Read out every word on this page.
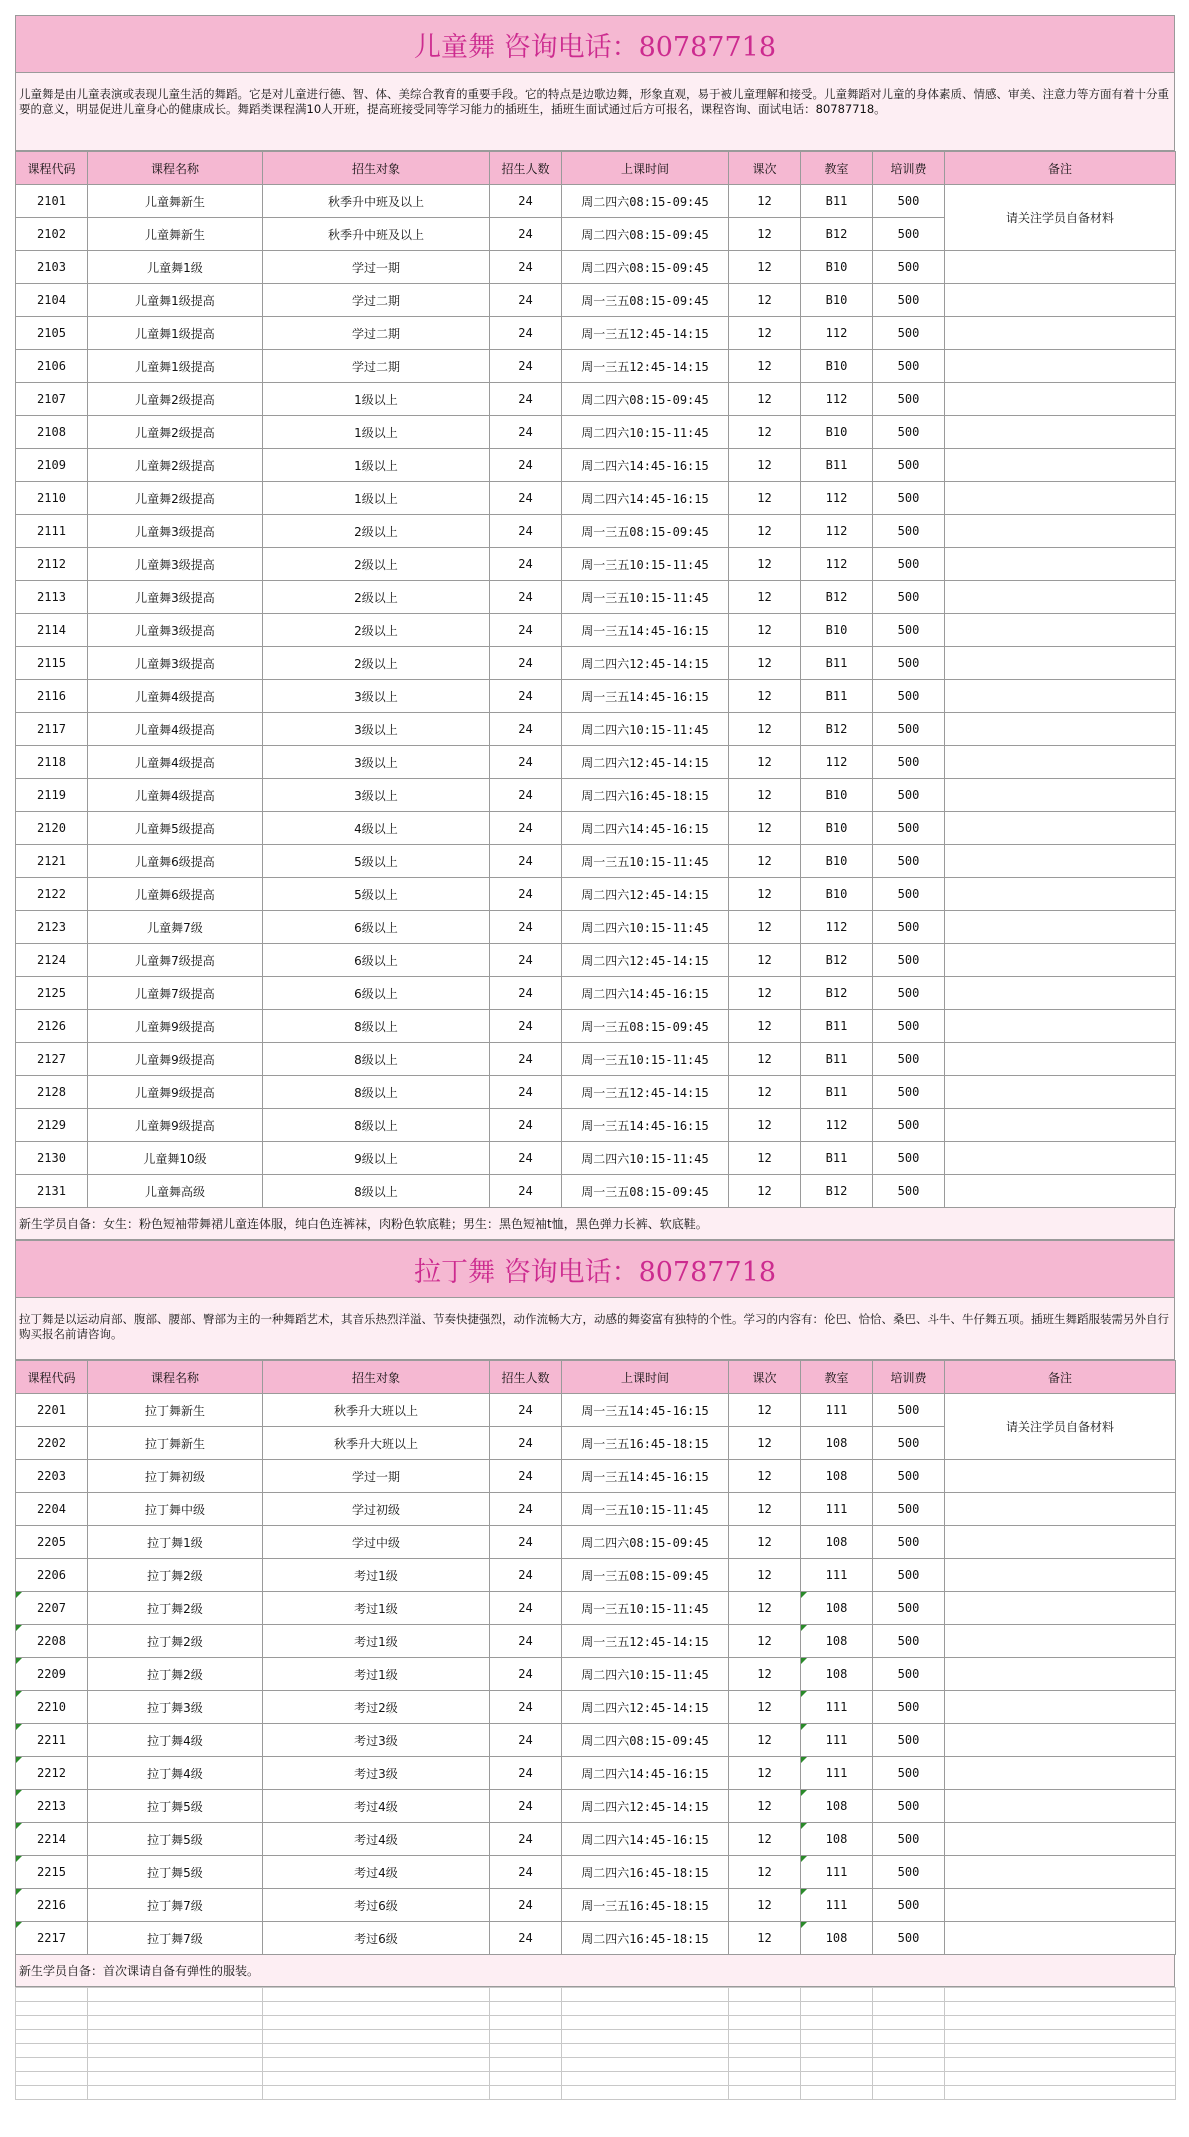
儿童舞 咨询电话：80787718
儿童舞是由儿童表演或表现儿童生活的舞蹈。它是对儿童进行德、智、体、美综合教育的重要手段。它的特点是边歌边舞，形象直观，易于被儿童理解和接受。儿童舞蹈对儿童的身体素质、情感、审美、注意力等方面有着十分重要的意义，明显促进儿童身心的健康成长。舞蹈类课程满10人开班，提高班接受同等学习能力的插班生，插班生面试通过后方可报名，课程咨询、面试电话：80787718。
课程代码	课程名称	招生对象	招生人数	上课时间	课次	教室	培训费	备注
2101	儿童舞新生	秋季升中班及以上	24	周二四六08:15-09:45	12	B11	500	请关注学员自备材料
2102	儿童舞新生	秋季升中班及以上	24	周二四六08:15-09:45	12	B12	500	
2103	儿童舞1级	学过一期	24	周二四六08:15-09:45	12	B10	500	
2104	儿童舞1级提高	学过二期	24	周一三五08:15-09:45	12	B10	500	
2105	儿童舞1级提高	学过二期	24	周一三五12:45-14:15	12	112	500	
2106	儿童舞1级提高	学过二期	24	周一三五12:45-14:15	12	B10	500	
2107	儿童舞2级提高	1级以上	24	周二四六08:15-09:45	12	112	500	
2108	儿童舞2级提高	1级以上	24	周二四六10:15-11:45	12	B10	500	
2109	儿童舞2级提高	1级以上	24	周二四六14:45-16:15	12	B11	500	
2110	儿童舞2级提高	1级以上	24	周二四六14:45-16:15	12	112	500	
2111	儿童舞3级提高	2级以上	24	周一三五08:15-09:45	12	112	500	
2112	儿童舞3级提高	2级以上	24	周一三五10:15-11:45	12	112	500	
2113	儿童舞3级提高	2级以上	24	周一三五10:15-11:45	12	B12	500	
2114	儿童舞3级提高	2级以上	24	周一三五14:45-16:15	12	B10	500	
2115	儿童舞3级提高	2级以上	24	周二四六12:45-14:15	12	B11	500	
2116	儿童舞4级提高	3级以上	24	周一三五14:45-16:15	12	B11	500	
2117	儿童舞4级提高	3级以上	24	周二四六10:15-11:45	12	B12	500	
2118	儿童舞4级提高	3级以上	24	周二四六12:45-14:15	12	112	500	
2119	儿童舞4级提高	3级以上	24	周二四六16:45-18:15	12	B10	500	
2120	儿童舞5级提高	4级以上	24	周二四六14:45-16:15	12	B10	500	
2121	儿童舞6级提高	5级以上	24	周一三五10:15-11:45	12	B10	500	
2122	儿童舞6级提高	5级以上	24	周二四六12:45-14:15	12	B10	500	
2123	儿童舞7级	6级以上	24	周二四六10:15-11:45	12	112	500	
2124	儿童舞7级提高	6级以上	24	周二四六12:45-14:15	12	B12	500	
2125	儿童舞7级提高	6级以上	24	周二四六14:45-16:15	12	B12	500	
2126	儿童舞9级提高	8级以上	24	周一三五08:15-09:45	12	B11	500	
2127	儿童舞9级提高	8级以上	24	周一三五10:15-11:45	12	B11	500	
2128	儿童舞9级提高	8级以上	24	周一三五12:45-14:15	12	B11	500	
2129	儿童舞9级提高	8级以上	24	周一三五14:45-16:15	12	112	500	
2130	儿童舞10级	9级以上	24	周二四六10:15-11:45	12	B11	500	
2131	儿童舞高级	8级以上	24	周一三五08:15-09:45	12	B12	500	
新生学员自备：女生：粉色短袖带舞裙儿童连体服，纯白色连裤袜，肉粉色软底鞋；男生：黑色短袖t恤，黑色弹力长裤、软底鞋。
拉丁舞 咨询电话：80787718
拉丁舞是以运动肩部、腹部、腰部、臀部为主的一种舞蹈艺术，其音乐热烈洋溢、节奏快捷强烈，动作流畅大方，动感的舞姿富有独特的个性。学习的内容有：伦巴、恰恰、桑巴、斗牛、牛仔舞五项。插班生舞蹈服装需另外自行购买报名前请咨询。
课程代码	课程名称	招生对象	招生人数	上课时间	课次	教室	培训费	备注
2201	拉丁舞新生	秋季升大班以上	24	周一三五14:45-16:15	12	111	500	请关注学员自备材料
2202	拉丁舞新生	秋季升大班以上	24	周一三五16:45-18:15	12	108	500	
2203	拉丁舞初级	学过一期	24	周一三五14:45-16:15	12	108	500	
2204	拉丁舞中级	学过初级	24	周一三五10:15-11:45	12	111	500	
2205	拉丁舞1级	学过中级	24	周二四六08:15-09:45	12	108	500	
2206	拉丁舞2级	考过1级	24	周一三五08:15-09:45	12	111	500	
2207	拉丁舞2级	考过1级	24	周一三五10:15-11:45	12	108	500	
2208	拉丁舞2级	考过1级	24	周一三五12:45-14:15	12	108	500	
2209	拉丁舞2级	考过1级	24	周二四六10:15-11:45	12	108	500	
2210	拉丁舞3级	考过2级	24	周二四六12:45-14:15	12	111	500	
2211	拉丁舞4级	考过3级	24	周二四六08:15-09:45	12	111	500	
2212	拉丁舞4级	考过3级	24	周二四六14:45-16:15	12	111	500	
2213	拉丁舞5级	考过4级	24	周二四六12:45-14:15	12	108	500	
2214	拉丁舞5级	考过4级	24	周二四六14:45-16:15	12	108	500	
2215	拉丁舞5级	考过4级	24	周二四六16:45-18:15	12	111	500	
2216	拉丁舞7级	考过6级	24	周一三五16:45-18:15	12	111	500	
2217	拉丁舞7级	考过6级	24	周二四六16:45-18:15	12	108	500	
新生学员自备：首次课请自备有弹性的服装。
